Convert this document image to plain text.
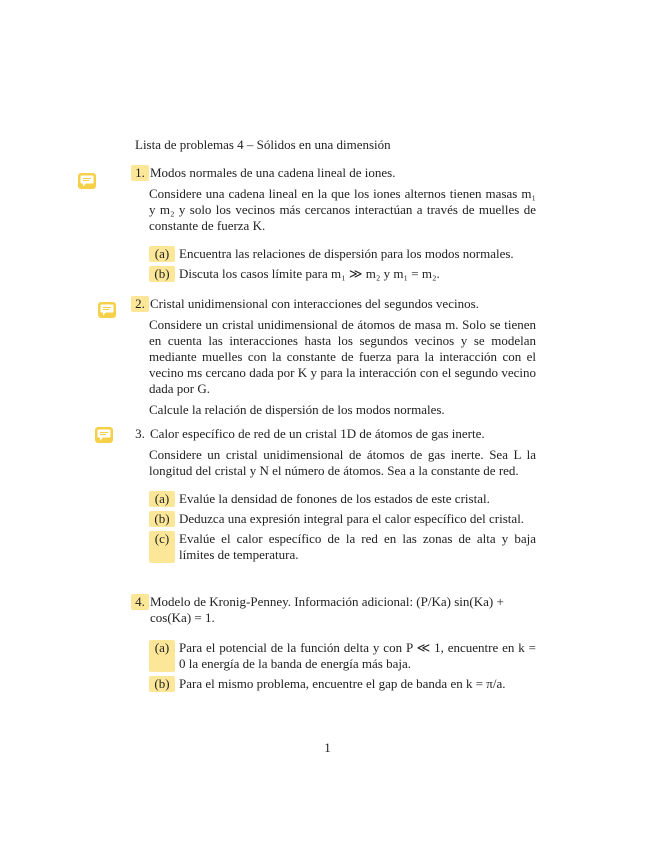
Lista de problemas 4 – Sólidos en una dimensión
1. Modos normales de una cadena lineal de iones.
Considere una cadena lineal en la que los iones alternos tienen masas m₁ y m₂ y solo los vecinos más cercanos interactúan a través de muelles de constante de fuerza K.
(a) Encuentra las relaciones de dispersión para los modos normales.
(b) Discuta los casos límite para m₁ ≫ m₂ y m₁ = m₂.
2. Cristal unidimensional con interacciones del segundos vecinos.
Considere un cristal unidimensional de átomos de masa m. Solo se tienen en cuenta las interacciones hasta los segundos vecinos y se modelan mediante muelles con la constante de fuerza para la interacción con el vecino ms cercano dada por K y para la interacción con el segundo vecino dada por G.
Calcule la relación de dispersión de los modos normales.
3. Calor específico de red de un cristal 1D de átomos de gas inerte.
Considere un cristal unidimensional de átomos de gas inerte. Sea L la longitud del cristal y N el número de átomos. Sea a la constante de red.
(a) Evalúe la densidad de fonones de los estados de este cristal.
(b) Deduzca una expresión integral para el calor específico del cristal.
(c) Evalúe el calor específico de la red en las zonas de alta y baja límites de temperatura.
4. Modelo de Kronig-Penney. Información adicional: (P/Ka) sin(Ka) + cos(Ka) = 1.
(a) Para el potencial de la función delta y con P ≪ 1, encuentre en k = 0 la energía de la banda de energía más baja.
(b) Para el mismo problema, encuentre el gap de banda en k = π/a.
1
